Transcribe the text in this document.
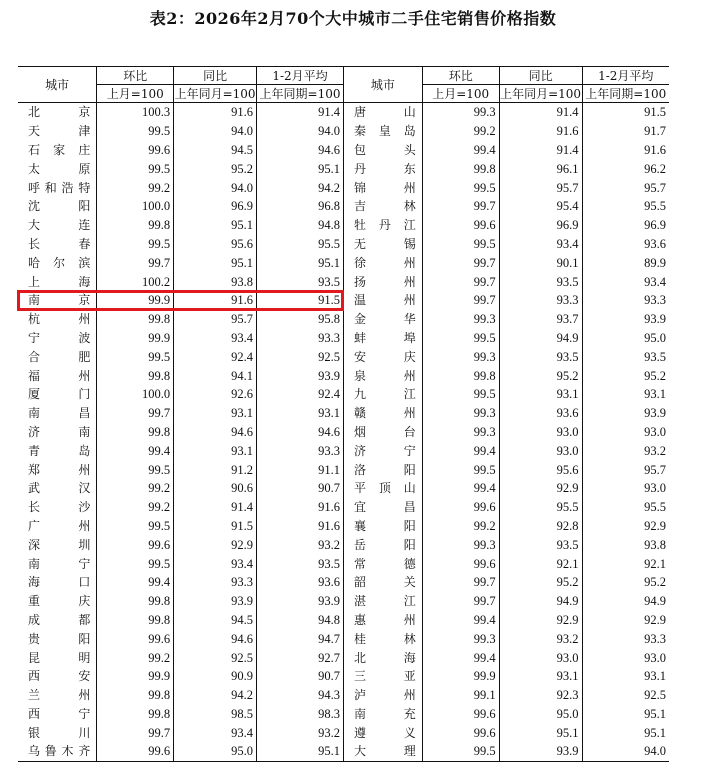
表2：2026年2月70个大中城市二手住宅销售价格指数
城市	环比	同比	1-2月平均	城市	环比	同比	1-2月平均
	上月=100	上年同月=100	上年同期=100		上月=100	上年同月=100	上年同期=100
北京	100.3	91.6	91.4	唐山	99.3	91.4	91.5
天津	99.5	94.0	94.0	秦皇岛	99.2	91.6	91.7
石家庄	99.6	94.5	94.6	包头	99.4	91.4	91.6
太原	99.5	95.2	95.1	丹东	99.8	96.1	96.2
呼和浩特	99.2	94.0	94.2	锦州	99.5	95.7	95.7
沈阳	100.0	96.9	96.8	吉林	99.7	95.4	95.5
大连	99.8	95.1	94.8	牡丹江	99.6	96.9	96.9
长春	99.5	95.6	95.5	无锡	99.5	93.4	93.6
哈尔滨	99.7	95.1	95.1	徐州	99.7	90.1	89.9
上海	100.2	93.8	93.5	扬州	99.7	93.5	93.4
南京	99.9	91.6	91.5	温州	99.7	93.3	93.3
杭州	99.8	95.7	95.8	金华	99.3	93.7	93.9
宁波	99.9	93.4	93.3	蚌埠	99.5	94.9	95.0
合肥	99.5	92.4	92.5	安庆	99.3	93.5	93.5
福州	99.8	94.1	93.9	泉州	99.8	95.2	95.2
厦门	100.0	92.6	92.4	九江	99.5	93.1	93.1
南昌	99.7	93.1	93.1	赣州	99.3	93.6	93.9
济南	99.8	94.6	94.6	烟台	99.3	93.0	93.0
青岛	99.4	93.1	93.3	济宁	99.4	93.0	93.2
郑州	99.5	91.2	91.1	洛阳	99.5	95.6	95.7
武汉	99.2	90.6	90.7	平顶山	99.4	92.9	93.0
长沙	99.2	91.4	91.6	宜昌	99.6	95.5	95.5
广州	99.5	91.5	91.6	襄阳	99.2	92.8	92.9
深圳	99.6	92.9	93.2	岳阳	99.3	93.5	93.8
南宁	99.5	93.4	93.5	常德	99.6	92.1	92.1
海口	99.4	93.3	93.6	韶关	99.7	95.2	95.2
重庆	99.8	93.9	93.9	湛江	99.7	94.9	94.9
成都	99.8	94.5	94.8	惠州	99.4	92.9	92.9
贵阳	99.6	94.6	94.7	桂林	99.3	93.2	93.3
昆明	99.2	92.5	92.7	北海	99.4	93.0	93.0
西安	99.9	90.9	90.7	三亚	99.9	93.1	93.1
兰州	99.8	94.2	94.3	泸州	99.1	92.3	92.5
西宁	99.8	98.5	98.3	南充	99.6	95.0	95.1
银川	99.7	93.4	93.2	遵义	99.6	95.1	95.1
乌鲁木齐	99.6	95.0	95.1	大理	99.5	93.9	94.0
